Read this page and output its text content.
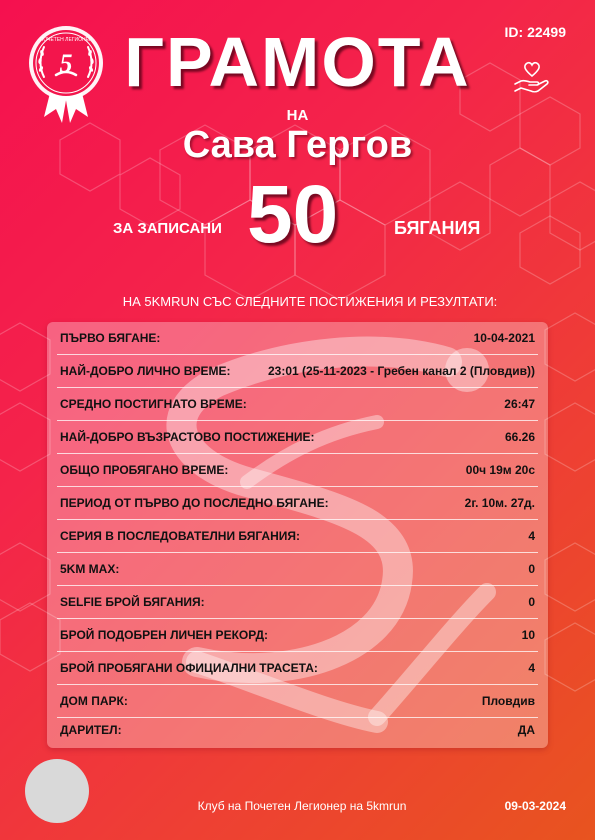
5
ПОЧЕТЕН ЛЕГИОНЕР ГРАМОТА	ID: 22499
НА
Сава Гергов
ЗА ЗАПИСАНИ 50	БЯГАНИЯ
НА 5KMRUN СЪС СЛЕДНИТЕ ПОСТИЖЕНИЯ И РЕЗУЛТАТИ:
ПЪРВО БЯГАНЕ:	10-04-2021
НАЙ-ДОБРО ЛИЧНО ВРЕМЕ:	23:01 (25-11-2023 - Гребен канал 2 (Пловдив))
СРЕДНО ПОСТИГНАТО ВРЕМЕ:	26:47
НАЙ-ДОБРО ВЪЗРАСТОВО ПОСТИЖЕНИЕ:	66.26
ОБЩО ПРОБЯГАНО ВРЕМЕ:	00ч 19м 20с
ПЕРИОД ОТ ПЪРВО ДО ПОСЛЕДНО БЯГАНЕ:	2г. 10м. 27д.
СЕРИЯ В ПОСЛЕДОВАТЕЛНИ БЯГАНИЯ:	4
5KM MAX:	0
SELFIE БРОЙ БЯГАНИЯ:	0
БРОЙ ПОДОБРЕН ЛИЧЕН РЕКОРД:	10
БРОЙ ПРОБЯГАНИ ОФИЦИАЛНИ ТРАСЕТА:	4
ДОМ ПАРК:	Пловдив
ДАРИТЕЛ:	ДА
Клуб на Почетен Легионер на 5kmrun	09-03-2024
